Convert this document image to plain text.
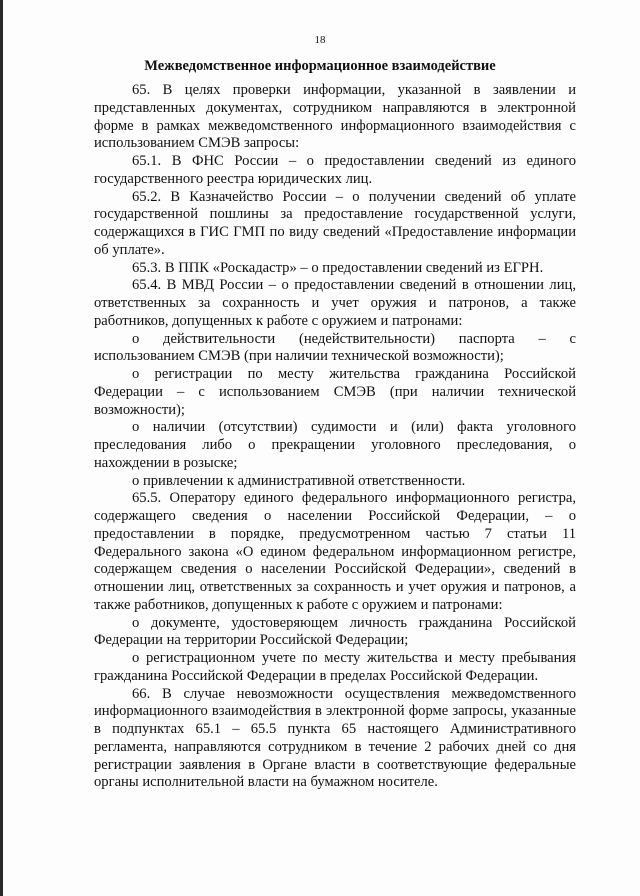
18
Межведомственное информационное взаимодействие

65. В целях проверки информации, указанной в заявлении и представленных документах, сотрудником направляются в электронной форме в рамках межведомственного информационного взаимодействия с использованием СМЭВ запросы:

65.1. В ФНС России – о предоставлении сведений из единого государственного реестра юридических лиц.

65.2. В Казначейство России – о получении сведений об уплате государственной пошлины за предоставление государственной услуги, содержащихся в ГИС ГМП по виду сведений «Предоставление информации об уплате».

65.3. В ППК «Роскадастр» – о предоставлении сведений из ЕГРН.

65.4. В МВД России – о предоставлении сведений в отношении лиц, ответственных за сохранность и учет оружия и патронов, а также работников, допущенных к работе с оружием и патронами:

о действительности (недействительности) паспорта – с использованием СМЭВ (при наличии технической возможности);

о регистрации по месту жительства гражданина Российской Федерации – с использованием СМЭВ (при наличии технической возможности);

о наличии (отсутствии) судимости и (или) факта уголовного преследования либо о прекращении уголовного преследования, о нахождении в розыске;

о привлечении к административной ответственности.

65.5. Оператору единого федерального информационного регистра, содержащего сведения о населении Российской Федерации, – о предоставлении в порядке, предусмотренном частью 7 статьи 11 Федерального закона «О едином федеральном информационном регистре, содержащем сведения о населении Российской Федерации», сведений в отношении лиц, ответственных за сохранность и учет оружия и патронов, а также работников, допущенных к работе с оружием и патронами:

о документе, удостоверяющем личность гражданина Российской Федерации на территории Российской Федерации;

о регистрационном учете по месту жительства и месту пребывания гражданина Российской Федерации в пределах Российской Федерации.

66. В случае невозможности осуществления межведомственного информационного взаимодействия в электронной форме запросы, указанные в подпунктах 65.1 – 65.5 пункта 65 настоящего Административного регламента, направляются сотрудником в течение 2 рабочих дней со дня регистрации заявления в Органе власти в соответствующие федеральные органы исполнительной власти на бумажном носителе.
